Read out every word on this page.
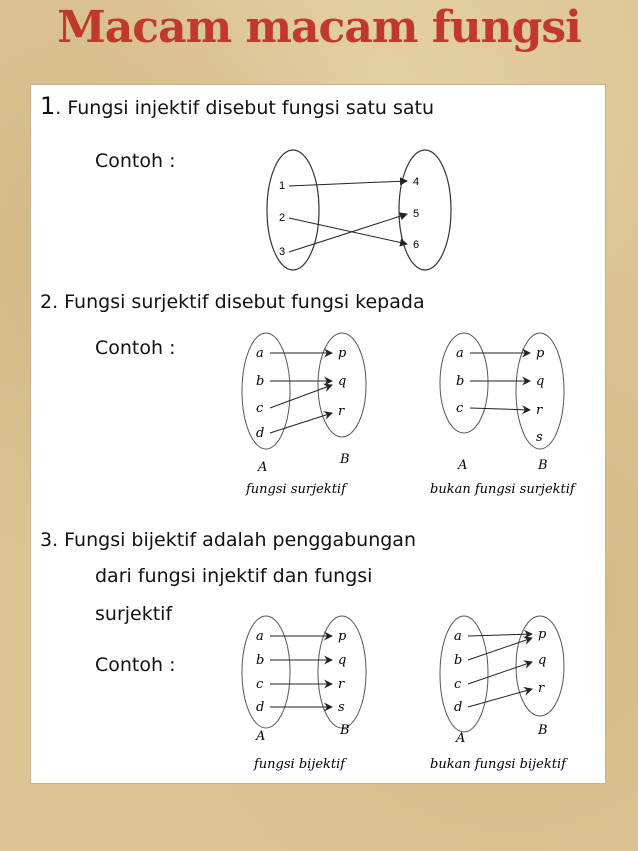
Macam macam fungsi
1. Fungsi injektif disebut fungsi satu satu
Contoh :
1
2
3
4
5
6
2. Fungsi surjektif disebut fungsi kepada
Contoh :	a
b
c
d
p
q
r
A
B
fungsi surjektif
a
b
c
p
q
r
s
A	B
bukan fungsi surjektif
3. Fungsi bijektif adalah penggabungan
dari fungsi injektif dan fungsi
surjektif
Contoh :
a
b
c
d
p
q
r
s
A	B
fungsi bijektif
a
b
c
d
p
q
r
A
B
bukan fungsi bijektif
